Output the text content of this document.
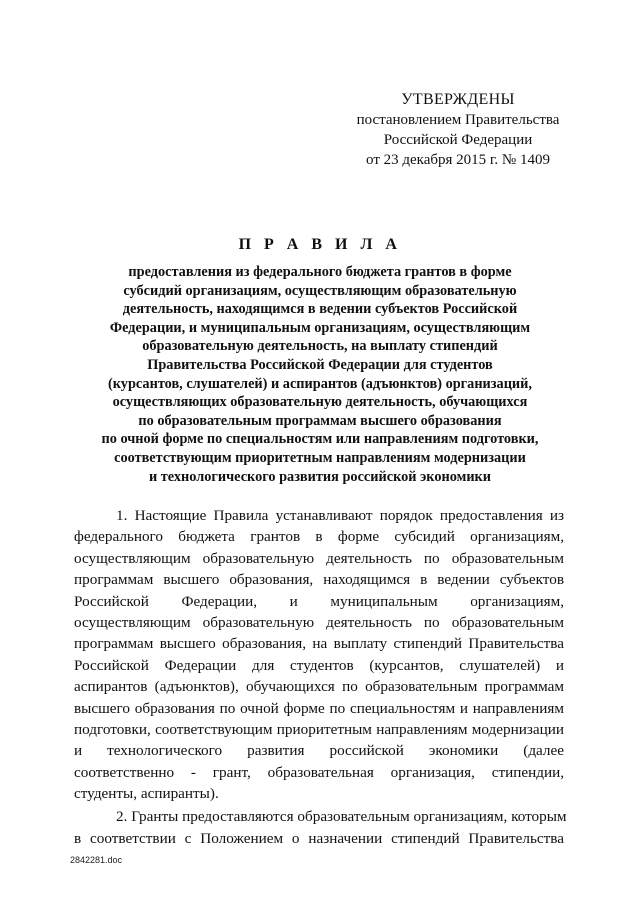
УТВЕРЖДЕНЫ
постановлением Правительства
Российской Федерации
от 23 декабря 2015 г. № 1409
П Р А В И Л А
предоставления из федерального бюджета грантов в форме
субсидий организациям, осуществляющим образовательную
деятельность, находящимся в ведении субъектов Российской
Федерации, и муниципальным организациям, осуществляющим
образовательную деятельность, на выплату стипендий
Правительства Российской Федерации для студентов
(курсантов, слушателей) и аспирантов (адъюнктов) организаций,
осуществляющих образовательную деятельность, обучающихся
по образовательным программам высшего образования
по очной форме по специальностям или направлениям подготовки,
соответствующим приоритетным направлениям модернизации
и технологического развития российской экономики
1. Настоящие Правила устанавливают порядок предоставления из
федерального бюджета грантов в форме субсидий организациям,
осуществляющим образовательную деятельность по образовательным
программам высшего образования, находящимся в ведении субъектов
Российской Федерации, и муниципальным организациям,
осуществляющим образовательную деятельность по образовательным
программам высшего образования, на выплату стипендий Правительства
Российской Федерации для студентов (курсантов, слушателей) и
аспирантов (адъюнктов), обучающихся по образовательным программам
высшего образования по очной форме по специальностям и направлениям
подготовки, соответствующим приоритетным направлениям модернизации
и технологического развития российской экономики (далее
соответственно - грант, образовательная организация, стипендии,
студенты, аспиранты).
2. Гранты предоставляются образовательным организациям, которым
в соответствии с Положением о назначении стипендий Правительства
2842281.doc
